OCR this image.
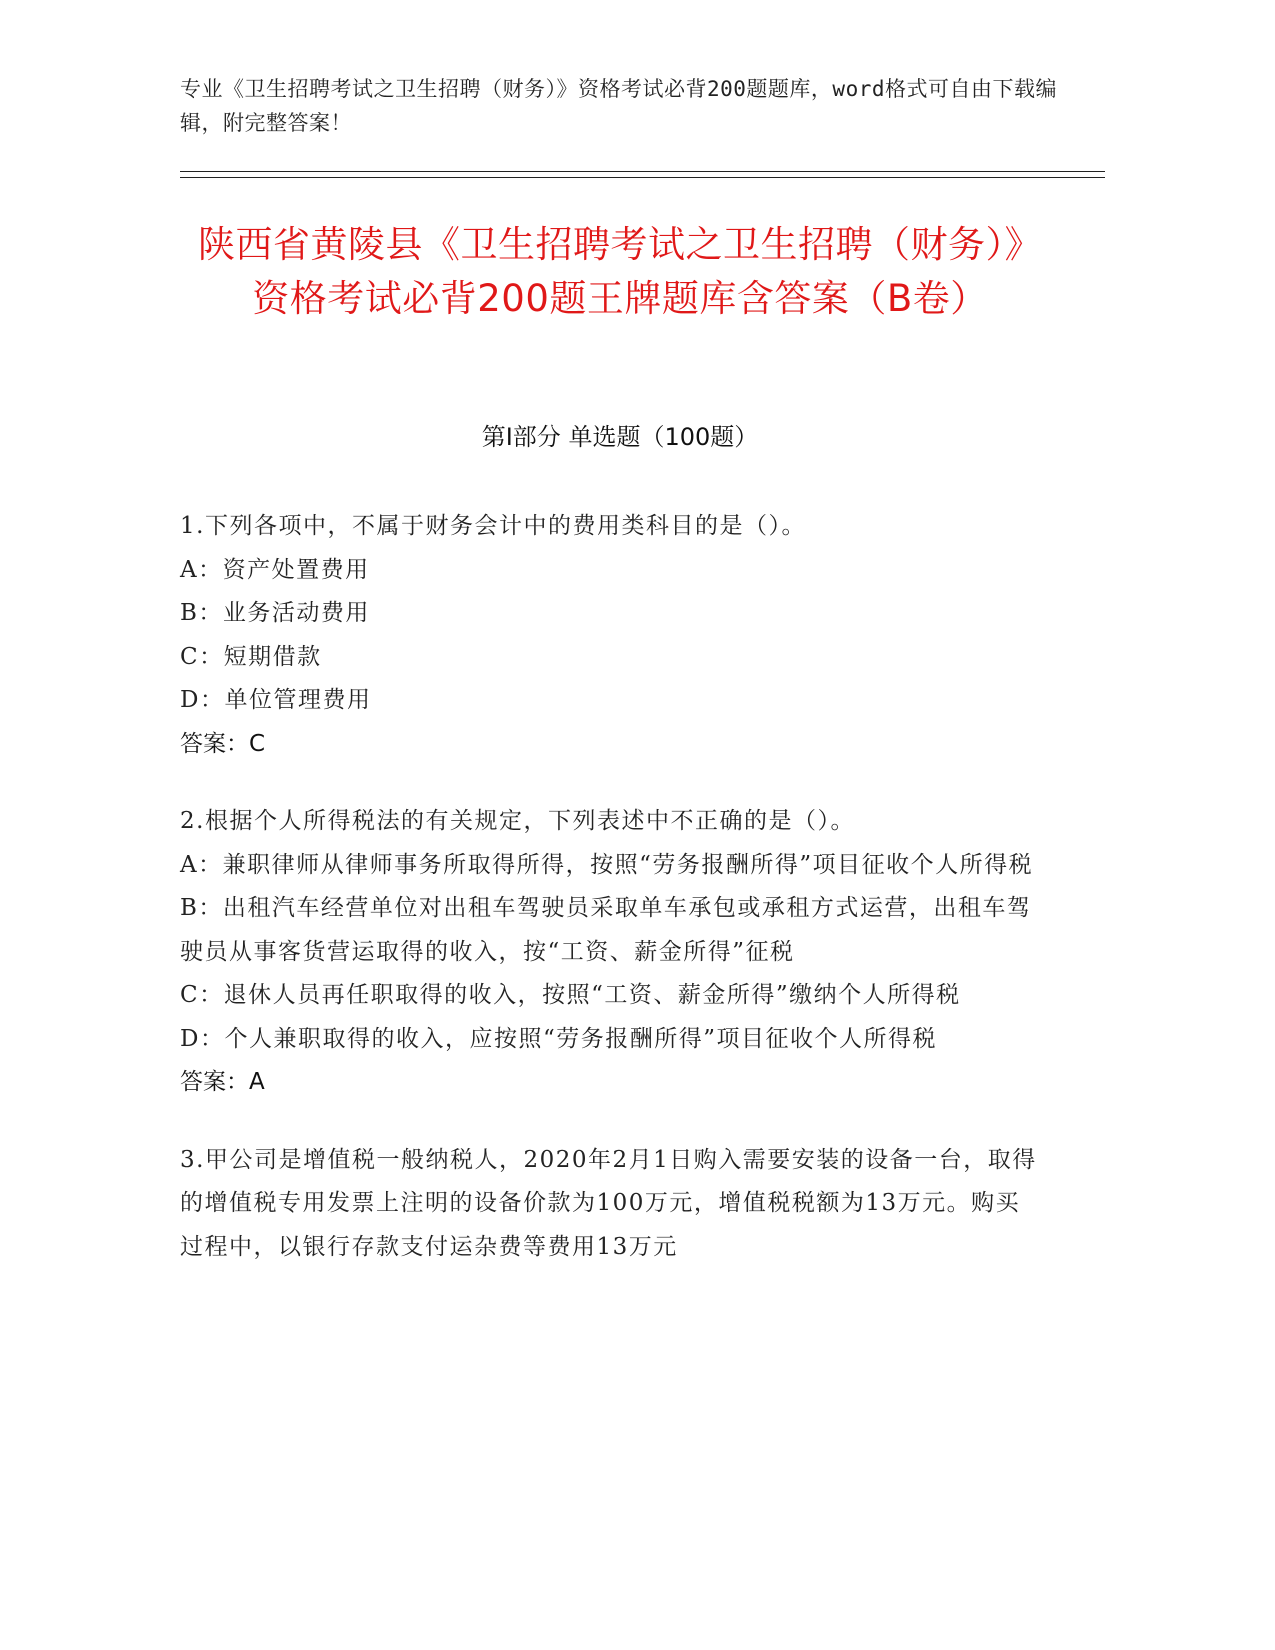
专业《卫生招聘考试之卫生招聘（财务）》资格考试必背200题题库，word格式可自由下载编辑，附完整答案！
陕西省黄陵县《卫生招聘考试之卫生招聘（财务）》资格考试必背200题王牌题库含答案（B卷）
第Ⅰ部分 单选题（100题）
1.下列各项中，不属于财务会计中的费用类科目的是（）。
A：资产处置费用
B：业务活动费用
C：短期借款
D：单位管理费用
答案：C
2.根据个人所得税法的有关规定，下列表述中不正确的是（）。
A：兼职律师从律师事务所取得所得，按照“劳务报酬所得”项目征收个人所得税
B：出租汽车经营单位对出租车驾驶员采取单车承包或承租方式运营，出租车驾驶员从事客货营运取得的收入，按“工资、薪金所得”征税
C：退休人员再任职取得的收入，按照“工资、薪金所得”缴纳个人所得税
D：个人兼职取得的收入，应按照“劳务报酬所得”项目征收个人所得税
答案：A
3.甲公司是增值税一般纳税人，2020年2月1日购入需要安装的设备一台，取得的增值税专用发票上注明的设备价款为100万元，增值税税额为13万元。购买过程中，以银行存款支付运杂费等费用13万元
